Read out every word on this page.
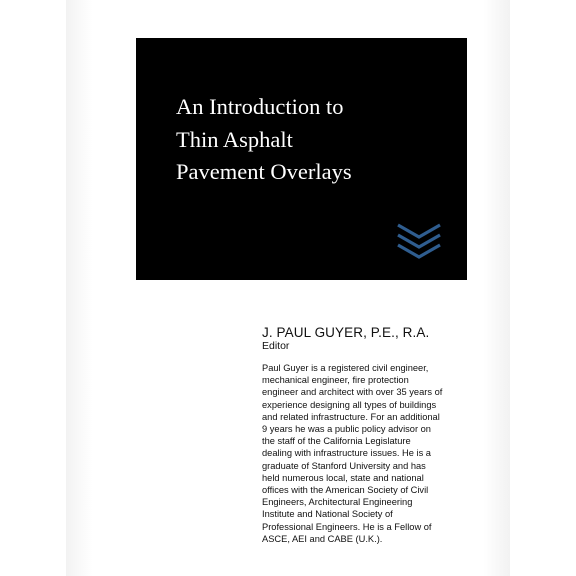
An Introduction to
Thin Asphalt
Pavement Overlays
J. PAUL GUYER, P.E., R.A.
Editor
Paul Guyer is a registered civil engineer,
mechanical engineer, fire protection
engineer and architect with over 35 years of
experience designing all types of buildings
and related infrastructure. For an additional
9 years he was a public policy advisor on
the staff of the California Legislature
dealing with infrastructure issues. He is a
graduate of Stanford University and has
held numerous local, state and national
offices with the American Society of Civil
Engineers, Architectural Engineering
Institute and National Society of
Professional Engineers. He is a Fellow of
ASCE, AEI and CABE (U.K.).
